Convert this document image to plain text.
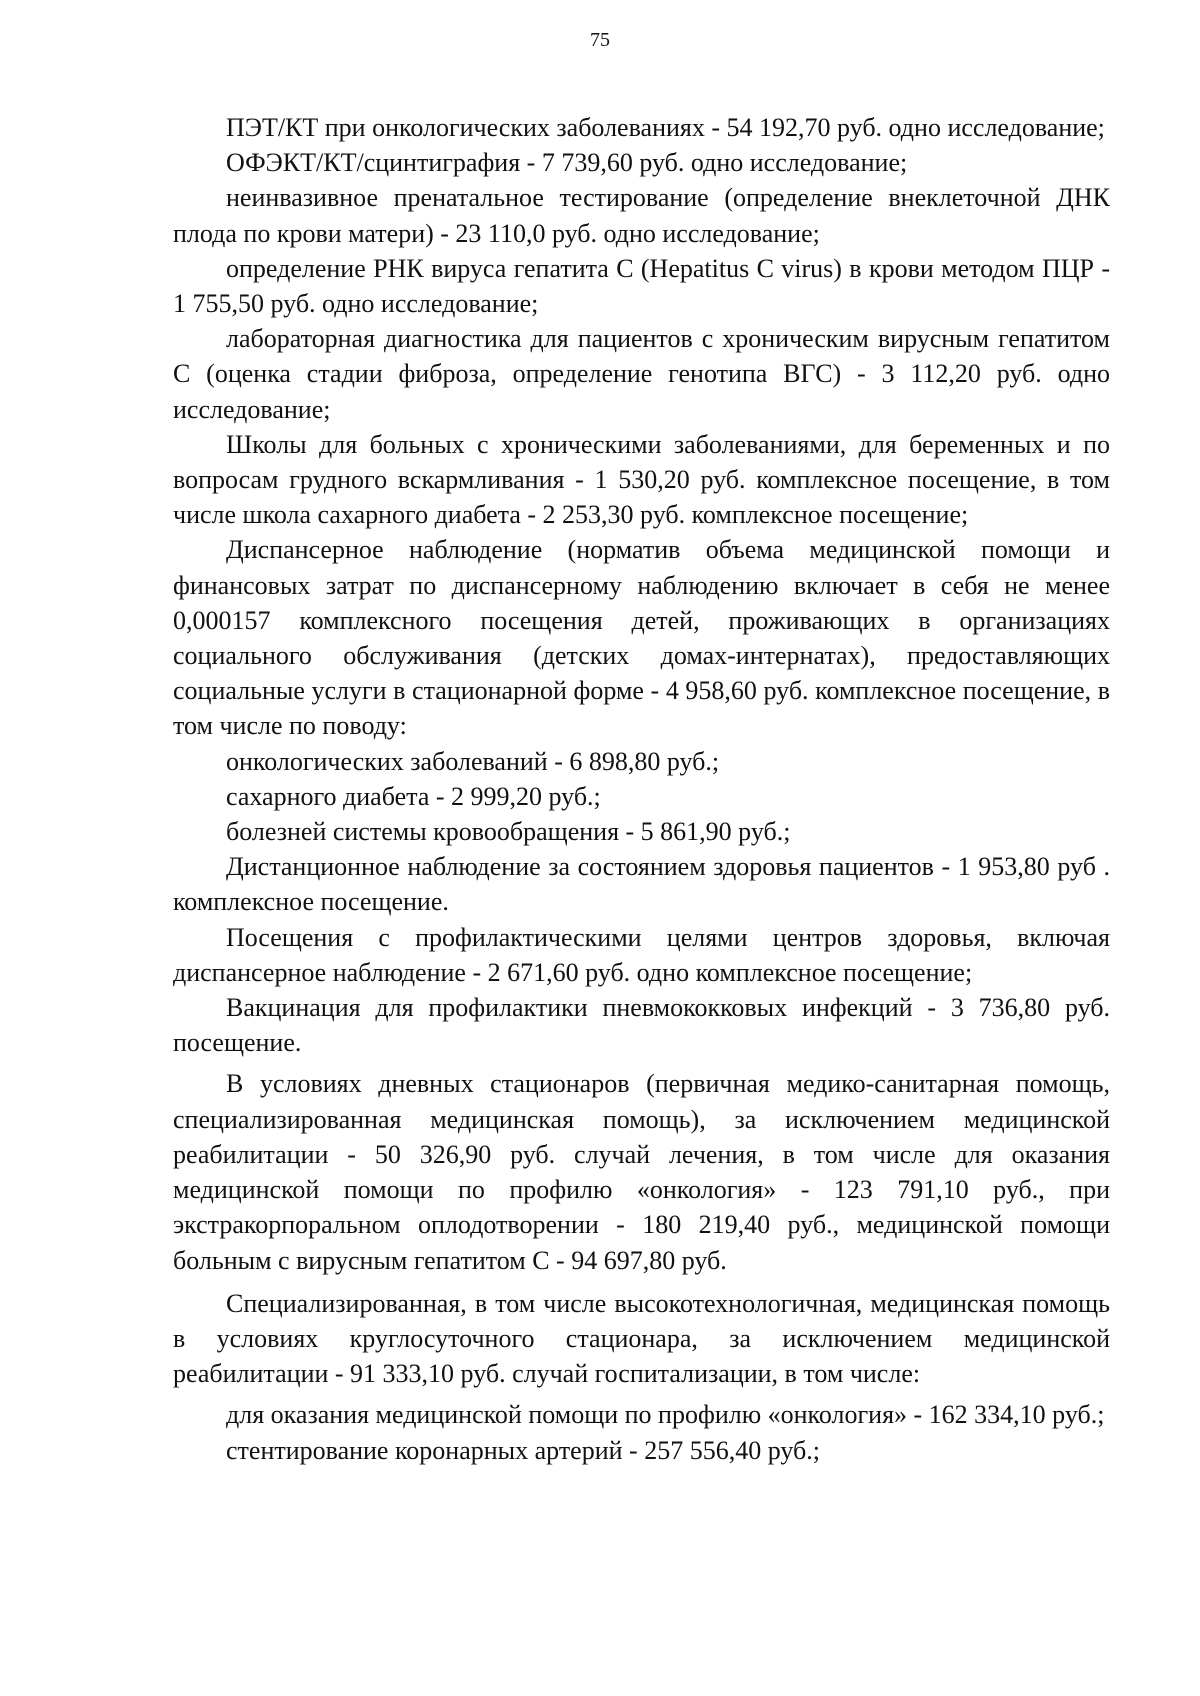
75

ПЭТ/КТ при онкологических заболеваниях - 54 192,70 руб. одно исследование;

ОФЭКТ/КТ/сцинтиграфия - 7 739,60 руб. одно исследование;

неинвазивное пренатальное тестирование (определение внеклеточной ДНК плода по крови матери) - 23 110,0 руб. одно исследование;

определение РНК вируса гепатита С (Hepatitus C virus) в крови методом ПЦР - 1 755,50 руб. одно исследование;

лабораторная диагностика для пациентов с хроническим вирусным гепатитом С (оценка стадии фиброза, определение генотипа ВГС) - 3 112,20 руб. одно исследование;

Школы для больных с хроническими заболеваниями, для беременных и по вопросам грудного вскармливания - 1 530,20 руб. комплексное посещение, в том числе школа сахарного диабета - 2 253,30 руб. комплексное посещение;

Диспансерное наблюдение (норматив объема медицинской помощи и финансовых затрат по диспансерному наблюдению включает в себя не менее 0,000157 комплексного посещения детей, проживающих в организациях социального обслуживания (детских домах-интернатах), предоставляющих социальные услуги в стационарной форме - 4 958,60 руб. комплексное посещение, в том числе по поводу:

онкологических заболеваний - 6 898,80 руб.;

сахарного диабета - 2 999,20 руб.;

болезней системы кровообращения - 5 861,90 руб.;

Дистанционное наблюдение за состоянием здоровья пациентов - 1 953,80 руб . комплексное посещение.

Посещения с профилактическими целями центров здоровья, включая диспансерное наблюдение - 2 671,60 руб. одно комплексное посещение;

Вакцинация для профилактики пневмококковых инфекций - 3 736,80 руб. посещение.

В условиях дневных стационаров (первичная медико-санитарная помощь, специализированная медицинская помощь), за исключением медицинской реабилитации - 50 326,90 руб. случай лечения, в том числе для оказания медицинской помощи по профилю «онкология» - 123 791,10 руб., при экстракорпоральном оплодотворении - 180 219,40 руб., медицинской помощи больным с вирусным гепатитом С - 94 697,80 руб.

Специализированная, в том числе высокотехнологичная, медицинская помощь в условиях круглосуточного стационара, за исключением медицинской реабилитации - 91 333,10 руб. случай госпитализации, в том числе:

для оказания медицинской помощи по профилю «онкология» - 162 334,10 руб.;

стентирование коронарных артерий - 257 556,40 руб.;
